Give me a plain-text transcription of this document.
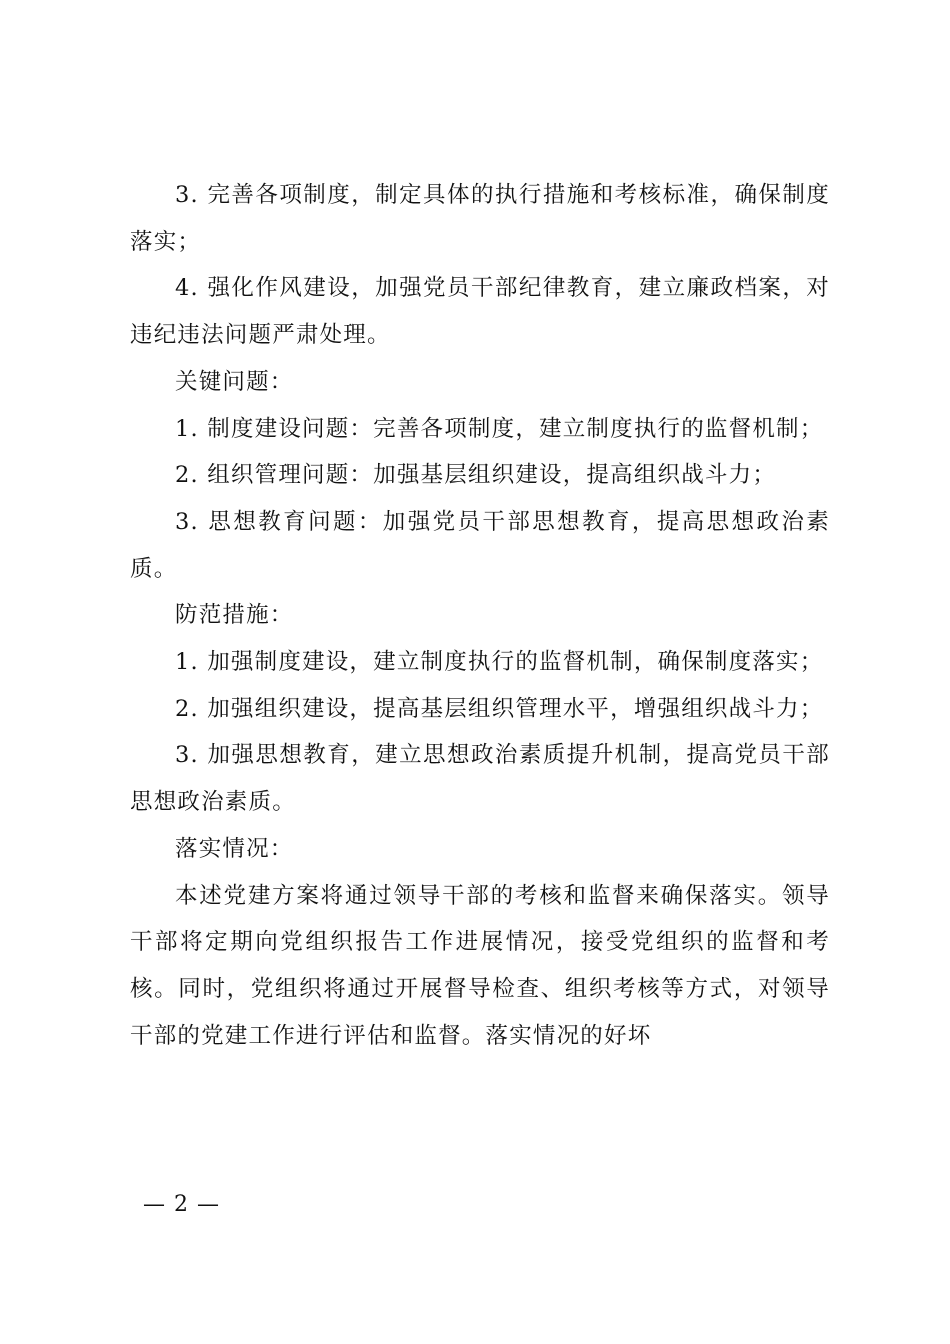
3. 完善各项制度，制定具体的执行措施和考核标准，确保制度落实；

4. 强化作风建设，加强党员干部纪律教育，建立廉政档案，对违纪违法问题严肃处理。

关键问题：

1. 制度建设问题：完善各项制度，建立制度执行的监督机制；

2. 组织管理问题：加强基层组织建设，提高组织战斗力；

3. 思想教育问题：加强党员干部思想教育，提高思想政治素质。

防范措施：

1. 加强制度建设，建立制度执行的监督机制，确保制度落实；

2. 加强组织建设，提高基层组织管理水平，增强组织战斗力；

3. 加强思想教育，建立思想政治素质提升机制，提高党员干部思想政治素质。

落实情况：

本述党建方案将通过领导干部的考核和监督来确保落实。领导干部将定期向党组织报告工作进展情况，接受党组织的监督和考核。同时，党组织将通过开展督导检查、组织考核等方式，对领导干部的党建工作进行评估和监督。落实情况的好坏

— 2 —
